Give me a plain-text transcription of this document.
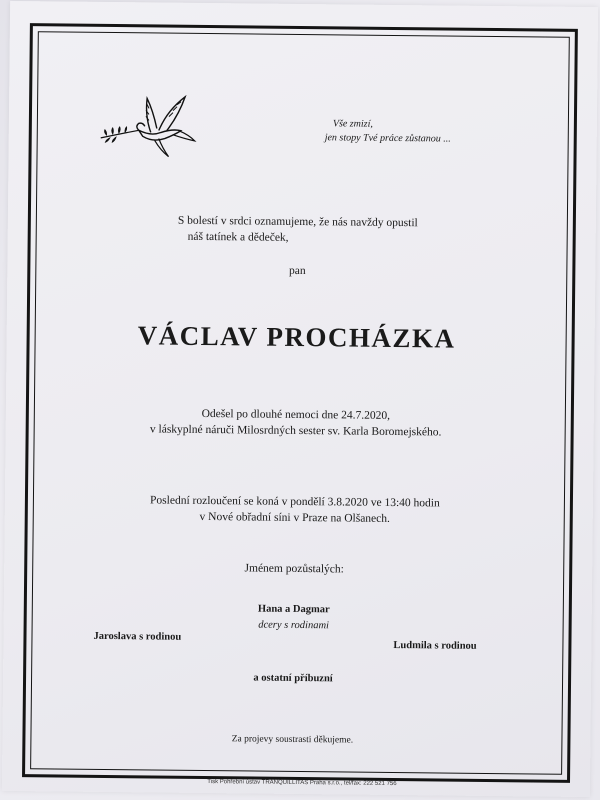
Vše zmizí,
jen stopy Tvé práce zůstanou ...
S bolestí v srdci oznamujeme, že nás navždy opustil
náš tatínek a dědeček,
pan
VÁCLAV PROCHÁZKA
Odešel po dlouhé nemoci dne 24.7.2020,
v láskyplné náruči Milosrdných sester sv. Karla Boromejského.
Poslední rozloučení se koná v pondělí 3.8.2020 ve 13:40 hodin
v Nové obřadní síni v Praze na Olšanech.
Jménem pozůstalých:
Hana a Dagmar
dcery s rodinami
Jaroslava s rodinou
Ludmila s rodinou
a ostatní příbuzní
Za projevy soustrasti děkujeme.
Tisk Pohřební ústav TRANQUILLITAS Praha s.r.o., tel/fax: 222 521 756
